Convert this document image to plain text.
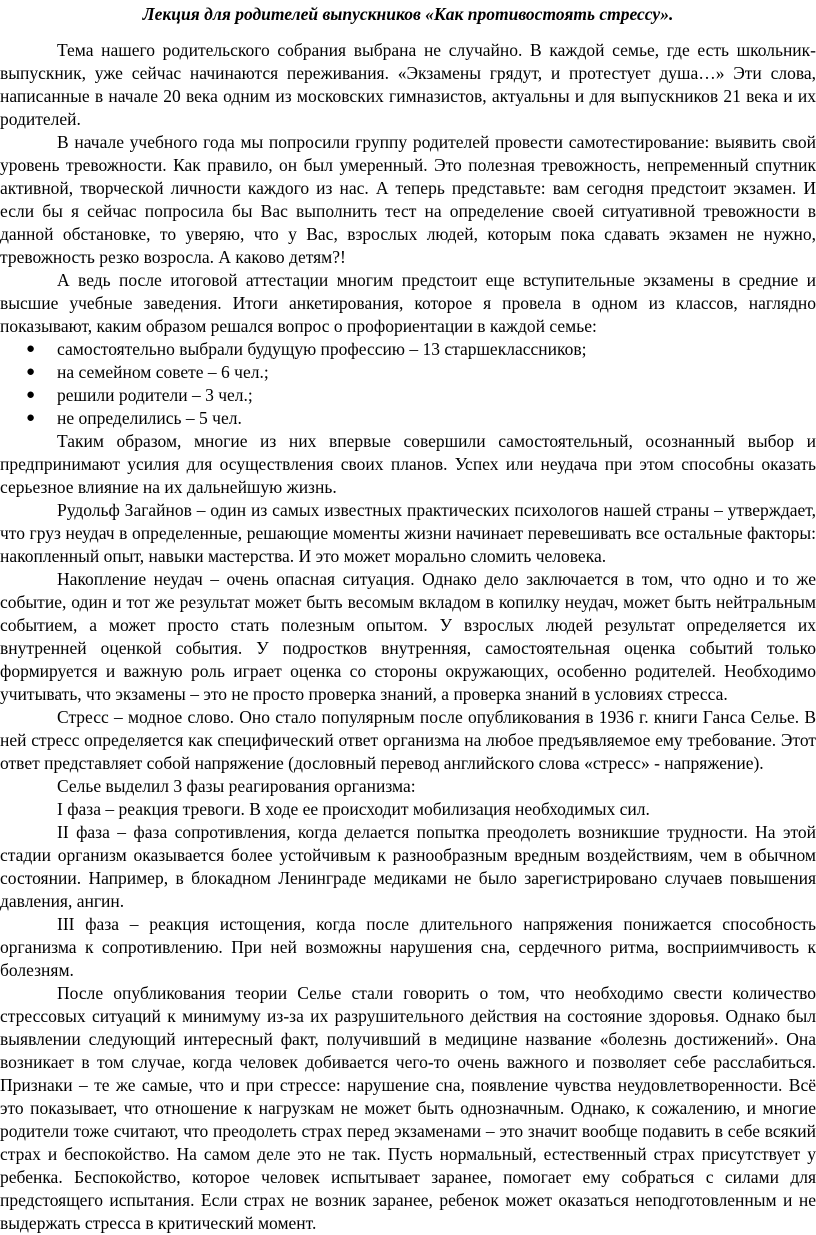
Лекция для родителей выпускников «Как противостоять стрессу».

Тема нашего родительского собрания выбрана не случайно. В каждой семье, где есть школьник-выпускник, уже сейчас начинаются переживания. «Экзамены грядут, и протестует душа…» Эти слова, написанные в начале 20 века одним из московских гимназистов, актуальны и для выпускников 21 века и их родителей.

В начале учебного года мы попросили группу родителей провести самотестирование: выявить свой уровень тревожности. Как правило, он был умеренный. Это полезная тревожность, непременный спутник активной, творческой личности каждого из нас. А теперь представьте: вам сегодня предстоит экзамен. И если бы я сейчас попросила бы Вас выполнить тест на определение своей ситуативной тревожности в данной обстановке, то уверяю, что у Вас, взрослых людей, которым пока сдавать экзамен не нужно, тревожность резко возросла. А каково детям?!

А ведь после итоговой аттестации многим предстоит еще вступительные экзамены в средние и высшие учебные заведения. Итоги анкетирования, которое я провела в одном из классов, наглядно показывают, каким образом решался вопрос о профориентации в каждой семье:

● самостоятельно выбрали будущую профессию – 13 старшеклассников;
● на семейном совете – 6 чел.;
● решили родители – 3 чел.;
● не определились – 5 чел.

Таким образом, многие из них впервые совершили самостоятельный, осознанный выбор и предпринимают усилия для осуществления своих планов. Успех или неудача при этом способны оказать серьезное влияние на их дальнейшую жизнь.

Рудольф Загайнов – один из самых известных практических психологов нашей страны – утверждает, что груз неудач в определенные, решающие моменты жизни начинает перевешивать все остальные факторы: накопленный опыт, навыки мастерства. И это может морально сломить человека.

Накопление неудач – очень опасная ситуация. Однако дело заключается в том, что одно и то же событие, один и тот же результат может быть весомым вкладом в копилку неудач, может быть нейтральным событием, а может просто стать полезным опытом. У взрослых людей результат определяется их внутренней оценкой события. У подростков внутренняя, самостоятельная оценка событий только формируется и важную роль играет оценка со стороны окружающих, особенно родителей. Необходимо учитывать, что экзамены – это не просто проверка знаний, а проверка знаний в условиях стресса.

Стресс – модное слово. Оно стало популярным после опубликования в 1936 г. книги Ганса Селье. В ней стресс определяется как специфический ответ организма на любое предъявляемое ему требование. Этот ответ представляет собой напряжение (дословный перевод английского слова «стресс» - напряжение).

Селье выделил 3 фазы реагирования организма:

I фаза – реакция тревоги. В ходе ее происходит мобилизация необходимых сил.

II фаза – фаза сопротивления, когда делается попытка преодолеть возникшие трудности. На этой стадии организм оказывается более устойчивым к разнообразным вредным воздействиям, чем в обычном состоянии. Например, в блокадном Ленинграде медиками не было зарегистрировано случаев повышения давления, ангин.

III фаза – реакция истощения, когда после длительного напряжения понижается способность организма к сопротивлению. При ней возможны нарушения сна, сердечного ритма, восприимчивость к болезням.

После опубликования теории Селье стали говорить о том, что необходимо свести количество стрессовых ситуаций к минимуму из-за их разрушительного действия на состояние здоровья. Однако был выявлении следующий интересный факт, получивший в медицине название «болезнь достижений». Она возникает в том случае, когда человек добивается чего-то очень важного и позволяет себе расслабиться. Признаки – те же самые, что и при стрессе: нарушение сна, появление чувства неудовлетворенности. Всё это показывает, что отношение к нагрузкам не может быть однозначным. Однако, к сожалению, и многие родители тоже считают, что преодолеть страх перед экзаменами – это значит вообще подавить в себе всякий страх и беспокойство. На самом деле это не так. Пусть нормальный, естественный страх присутствует у ребенка. Беспокойство, которое человек испытывает заранее, помогает ему собраться с силами для предстоящего испытания. Если страх не возник заранее, ребенок может оказаться неподготовленным и не выдержать стресса в критический момент.
